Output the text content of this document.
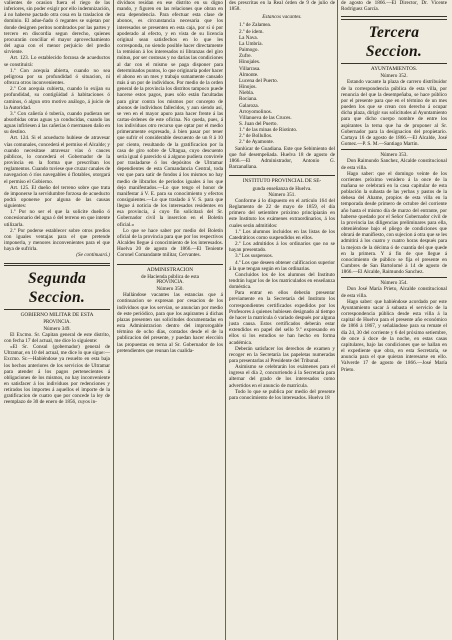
valientes de ocasion fuera el riego de las inferiores, sin poder exigir por ello indemnización, á no haberse pactado otra cosa en la traslacion de dominio. El adue-ñado ó regantes se sujetan por donde designen peritos nombrados por las partes y tercero en discordia segun derecho, quienes procurarán conciliar el mayor aprovechamiento del agua con el menor perjuicio del predio sirviente.

Art. 123. Lo establecido forzosa de acueductos se constituirá:

1.º Con acequia abierta, cuando no sea peligrosa por su profundidad ó situacion, ni ofrezca otros inconvenientes.

2.º Con acequia cubierta, cuando lo exijan su profundidad, su contigüidad á habitaciones ó caminos, ó algun otro motivo análogo, á juicio de la Autoridad.

3.º Con cañería ó tubería, cuando pudieran ser absorbidas otras aguas ya conducidas, cuando las aguas infiriesen á las cañerías ó mermasen daño en su destino.

Art. 124. Si el acueducto hubiese de atravesar vías comunales, concederá el permiso el Alcalde; y cuando necesitase atravesar vías ó cauces públicos, lo concederá el Gobernador de la provincia en la forma que prescriban los reglamentos. Cuando tuviese que cruzar canales de navegacion ó ríos navegables ó flotables, otorgará el permiso el Gobierno.

Art. 125. El dueño del terreno sobre que trata de imponerse la servidumbre forzosa de acueducto podrá oponerse por alguna de las causas siguientes:

1.º Por no ser el que la solicite dueño ó concesionario del agua ó del terreno en que intente utilizarla.

2.º Por poderse establecer sobre otros predios con iguales ventajas para el que pretende imponerla, y menores inconvenientes para el que haya de sufrirla.

(Se continuará.)

Segunda Seccion.
GOBIERNO MILITAR DE ESTA
PROVINCIA.
Número 349.

El Excmo. Sr. Capitan general de este distrito, con fecha 17 del actual, me dice lo siguiente:

«El Sr. Consul (gobernador) general de Ultramar, en 10 del actual, me dice lo que sigue:—Excmo. Sr.—Habiéndose ya resuelto en esta baja los hechos anteriores de los servicios de Ultramar para atender á los pagos pertenecientes á obligaciones de los mismos, no hay inconveniente en satisfacer á los individuos por redenciones y retirados los importes á aquellos el importe de la gratificacion de cuatro que por concede la ley de reemplazo de 30 de enero de 1856, cuyos in-

dividuos residan en ese distrito en su digno mando, y figuren en las relaciones que obran en esta dependencia. Para efectuar esta clase de abonos, es circunstancia necesaria que los interesados se presenten en esta caja, por sí ó por apoderado al efecto, y en vista de su licencia original sean satisfechos en lo que les corresponda, no siendo posible hacer directamente la remision á los interesados ni libranzas del giro mútuo, por ser costosas y no darias las condiciones al dar con el mismo se paga disponer para determinados puntos, lo que originaria poder hacer el abono en un mes y trabajo sumamente cansado más á un por de individuos. Por medio de la orden general de la provincia los distritos tampoco puede hacerse estos pagos, pues sólo están facultadas para girar contra los mismos por concepto de abonos de individuos fallecidos, y aun siendo así, se ven en el mayor apuro para hacer frente á las cartas-órdenes de este oficina. No queda, pues, á los individuos otro recurso que optar por el medio primeramente expresado, á bien pasar por tener que sufrir el considerable descuento de un 8 á 10 por ciento, resultando de la gratificacion por la casa de giro sobre de Ultagua, cuyo descuento sería igual ó parecido si á alguno pudiera convirele por trasladarse ó los depósitos de Ultramar dependientes de esta Comandancia Central, toda vez que para satir de fondos á los mismos no hay medio de librarlos de períodos iguales á los que dejo manifestados.—Lo que tengo el honor de manifestar á V. E. para su conocimiento y efectos consiguientes.—Lo que traslado á V. S. para que llegue á noticia de los interesados residentes en esa provincia, á cuyo fin solicitará del Sr. Gobernador civil la insercion en el Boletin oficial.»

Lo que se hace saber por medio del Boletín oficial de la provincia para que por los respectivos Alcaldes llegue á conocimiento de los interesados. Huelva 20 de agosto de 1866.—El Teniente Coronel Comandante militar, Cervantes.

ADMINISTRACION
de Hacienda pública de esta
PROVINCIA.
Número 350.

Hallándose vacantes las estancias que á continuacion se expresan por cesacion de los individuos que los servían, se anuncian por medio de este periódico, para que los aspirantes á dichas plazas presenten sus solicitudes documentadas en esta Administracion dentro del improrogable término de ocho días, contados desde el de la publicacion del presente, y puedan hacer elección las propuestas en terna al Sr. Gobernador de los pretendientes que reunan las cualida-

des prescritas en la Real órden de 9 de julio de 1858.

Estancos vacantes.
1.º de Zalamea.
2.º de idem.
La Nava.
La Umbría.
Paimogo.
Zufre.
Hinojales.
Villarrasa.
Almonte.
Lucena del Puerto.
Hinojos.
Niebla.
Rociana.
Galaroza.
Arroyomolinos.
Villanueva de las Cruces.
S. Juan del Puerto.
1.º de las minas de Riotinto.
2.º de Bollullos.
2.º de Ayamonte.

Sanlúcar de Guadiana. Este que Sebimiento del que fué desempeñada. Huelva 18 de agosto de 1866.—El Administrador, Antonio G. Barzanallana.

INSTITUTO PROVINCIAL DE SE-
gunda enseñanza de Huelva.
Número 351.

Conforme á lo dispuesto en el artículo 164 del Reglamento de 22 de mayo de 1859, el día primero del setiembre próximo principiarán en este Instituto los exámenes extraordinarios, á los cuales serán admitidos:

1.º Los alumnos incluidos en las listas de los Catedráticos como suspendidos en ellos.

2.º Los admitidos á los ordinarios que no se hayan presentado.

3.º Los suspensos.

4.º Los que deseen obtener calificacion superior á la que tengan según en las ordinarias.

Concluidos los de los alumnos del Instituto tendrán lugar los de los matriculados en enseñanza doméstica.

Para entrar en ellos deberán presentar previamente en la Secretaría del Instituto los correspondientes certificados expedidos por los Profesores á quienes hubiesen designado al tiempo de hacer la matrícula ó variado después por alguna justa causa. Estos certificados deberán estar extendidos en papel del sello 9.º expresando en ellos si los estudios se han hecho en forma académica.

Deberán satisfacer los derechos de examen y recoger en la Secretaría las papeletas numeradas para presentarlas al Presidente del Tribunal.

Asimismo se celebrarán los exámenes para el ingreso el día 2, concurriendo á la Secretaría para alternar del grado de los interesados como advertidos en el anuncio de matrícula.

Todo lo que se publica por medio del presente para conocimiento de los interesados. Huelva 18

de agosto de 1866.—El Director, Dr. Vicente Rodríguez García.

Tercera Seccion.
AYUNTAMIENTOS.
Número 352.

Estando vacante la plaza de carrero distribuidor de la correspondencia pública de esta villa, por renuncia del que la desempeñaba, se hace público por el presente para que en el término de un mes pueden los que se crean con derecho á ocupar dicha plaza, dirigir sus solicitudes al Ayuntamiento para que dicho cuerpo nombre de entre los aspirantes la terna que ha de proponer al Sr. Gobernador para la designacion del propietario. Cartaya 16 de agosto de 1866.—El Alcalde, José Gomez.—P. S. M.—Santiago Martin.

Número 353.

Don Raimundo Sanchez, Alcalde constitucional de esta villa.

Hago saber: que el domingo veinte de los corrientes próximo venidero á la once de la mañana se celebrará en la casa capitular de esta población la subasta de las yerbas y pastos de la dehesa del Ahame, propios de esta villa en la temporada desde primero de octubre del corriente año hasta el mismo día de marzo del entrante, por haberse quedado por el Señor Gobernador civil de la provincia las diligencias preliminares para ella, obteniéndose bajo el pliego de condiciones que obrará de manifiesto, con sujecion á otra que se les admitirá á los cuatro y cuatro horas después para la mejora de la décima ó de cuantía del que quede en la primera. Y á fin de que llegue á conocimiento de público se fija el presente en Cumbres de San Bartolomé á 14 de agosto de 1866.—El Alcalde, Raimundo Sanchez.

Número 354.

Don José María Prieto, Alcalde constitucional de esta villa.

Hago saber: que habiéndose acordado por este Ayuntamiento sacar á subasta el servicio de la correspondencia pública desde esta villa á la capital de Huelva para el presente año económico de 1866 á 1867, y señalándose para su remate el día 24, 30 del corriente y 6 del próximo setiembre, de once á doce de la noche, en estas casas capitulares, bajo las condiciones que se hallan en el expediente que obra, en esta Secretaría, se anuncia para el que quieran interesarse en ello. Valverde 17 de agosto de 1866.—José María Prieto.
